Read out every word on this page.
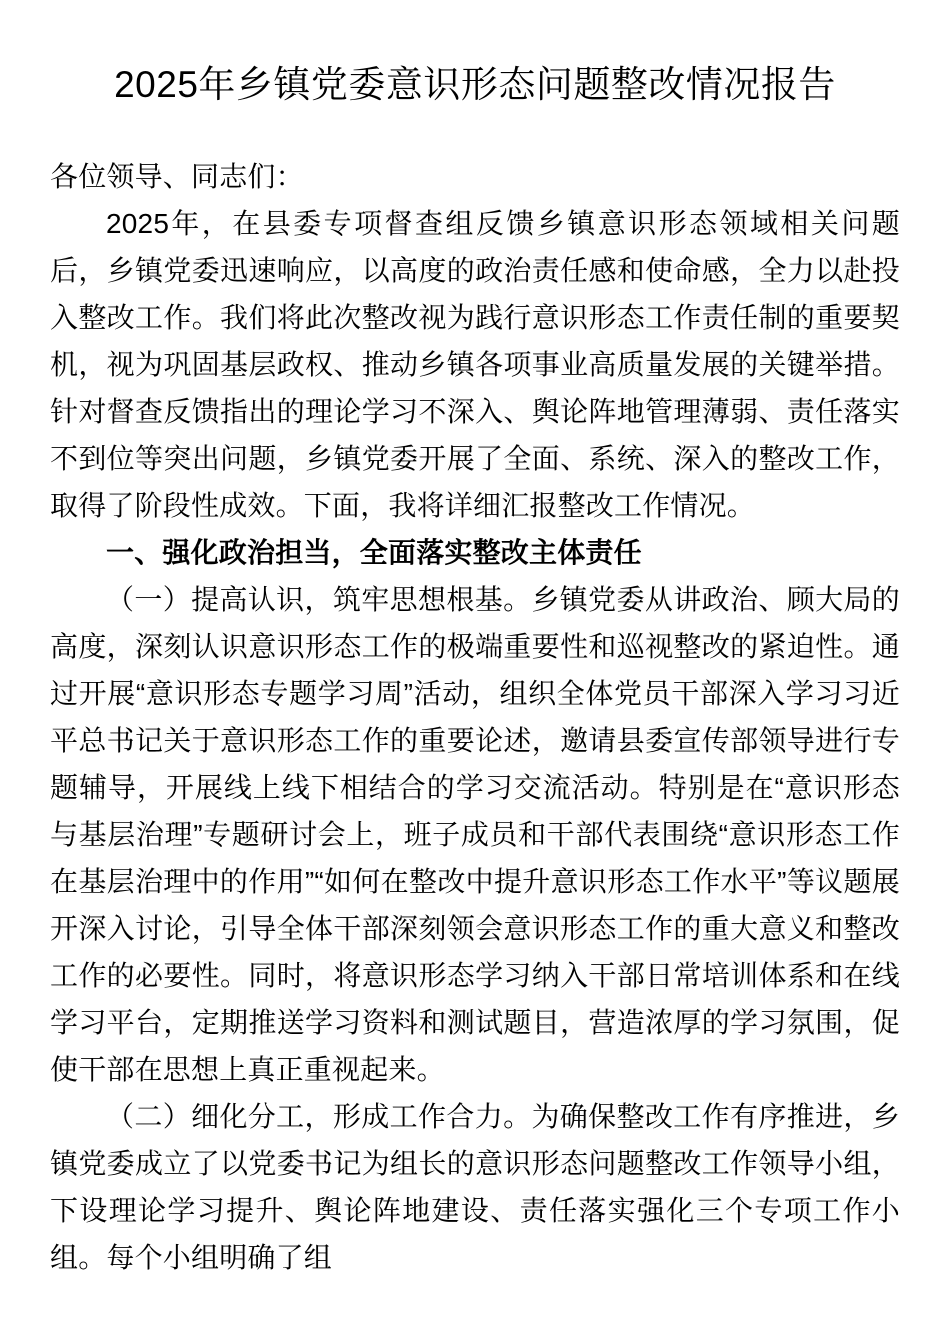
2025年乡镇党委意识形态问题整改情况报告

各位领导、同志们：

2025年，在县委专项督查组反馈乡镇意识形态领域相关问题后，乡镇党委迅速响应，以高度的政治责任感和使命感，全力以赴投入整改工作。我们将此次整改视为践行意识形态工作责任制的重要契机，视为巩固基层政权、推动乡镇各项事业高质量发展的关键举措。针对督查反馈指出的理论学习不深入、舆论阵地管理薄弱、责任落实不到位等突出问题，乡镇党委开展了全面、系统、深入的整改工作，取得了阶段性成效。下面，我将详细汇报整改工作情况。

一、强化政治担当，全面落实整改主体责任

（一）提高认识，筑牢思想根基。乡镇党委从讲政治、顾大局的高度，深刻认识意识形态工作的极端重要性和巡视整改的紧迫性。通过开展“意识形态专题学习周”活动，组织全体党员干部深入学习习近平总书记关于意识形态工作的重要论述，邀请县委宣传部领导进行专题辅导，开展线上线下相结合的学习交流活动。特别是在“意识形态与基层治理”专题研讨会上，班子成员和干部代表围绕“意识形态工作在基层治理中的作用”“如何在整改中提升意识形态工作水平”等议题展开深入讨论，引导全体干部深刻领会意识形态工作的重大意义和整改工作的必要性。同时，将意识形态学习纳入干部日常培训体系和在线学习平台，定期推送学习资料和测试题目，营造浓厚的学习氛围，促使干部在思想上真正重视起来。

（二）细化分工，形成工作合力。为确保整改工作有序推进，乡镇党委成立了以党委书记为组长的意识形态问题整改工作领导小组，下设理论学习提升、舆论阵地建设、责任落实强化三个专项工作小组。每个小组明确了组
